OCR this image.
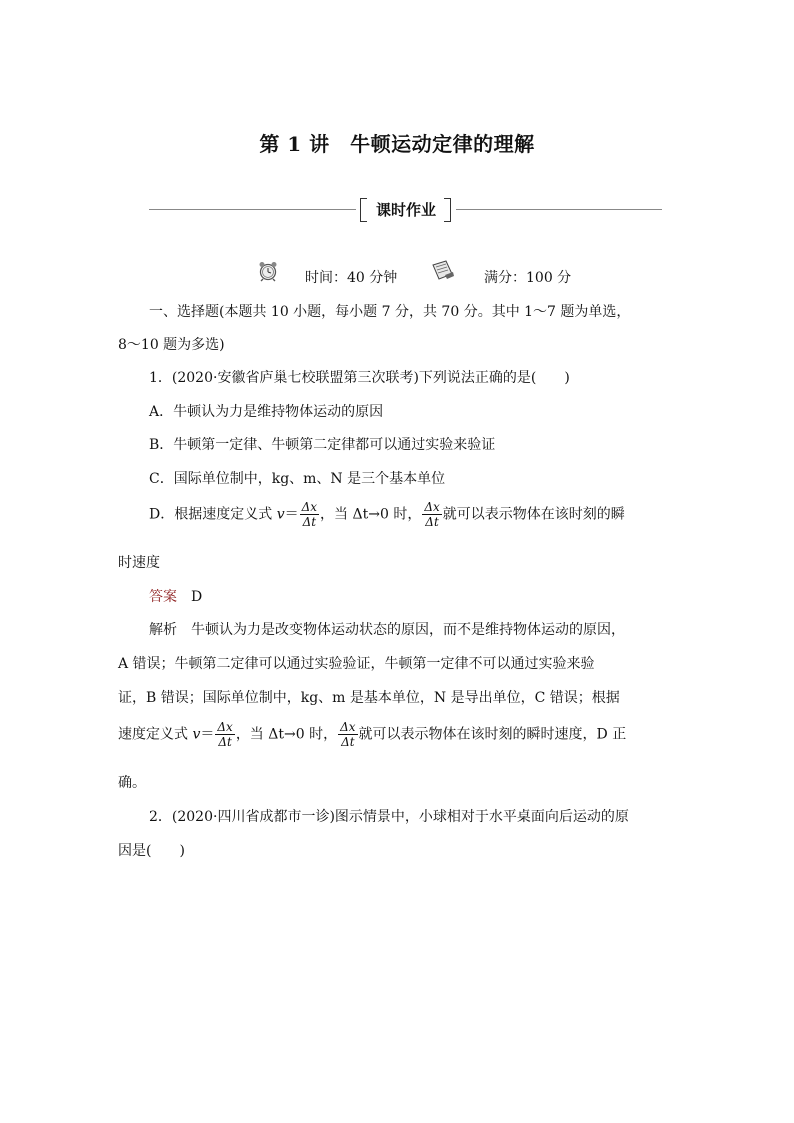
第 1 讲　牛顿运动定律的理解
课时作业
时间：40 分钟	满分：100 分
一、选择题(本题共 10 小题，每小题 7 分，共 70 分。其中 1～7 题为单选，
8～10 题为多选)
1．(2020·安徽省庐巢七校联盟第三次联考)下列说法正确的是(　　)
A．牛顿认为力是维持物体运动的原因
B．牛顿第一定律、牛顿第二定律都可以通过实验来验证
C．国际单位制中，kg、m、N 是三个基本单位
D．根据速度定义式 $v= \frac{\Delta x}{\Delta t}$ ，当 Δt→0 时， $\frac{\Delta x}{\Delta t}$ 就可以表示物体在该时刻的瞬
时速度
答案　 D
解析　 牛顿认为力是改变物体运动状态的原因，而不是维持物体运动的原因，
A 错误；牛顿第二定律可以通过实验验证，牛顿第一定律不可以通过实验来验
证，B 错误；国际单位制中，kg、m 是基本单位，N 是导出单位，C 错误；根据
速度定义式 $v= \frac{\Delta x}{\Delta t}$ ，当 Δt→0 时， $\frac{\Delta x}{\Delta t}$ 就可以表示物体在该时刻的瞬时速度，D 正
确。
2．(2020·四川省成都市一诊)图示情景中，小球相对于水平桌面向后运动的原
因是(　　)
